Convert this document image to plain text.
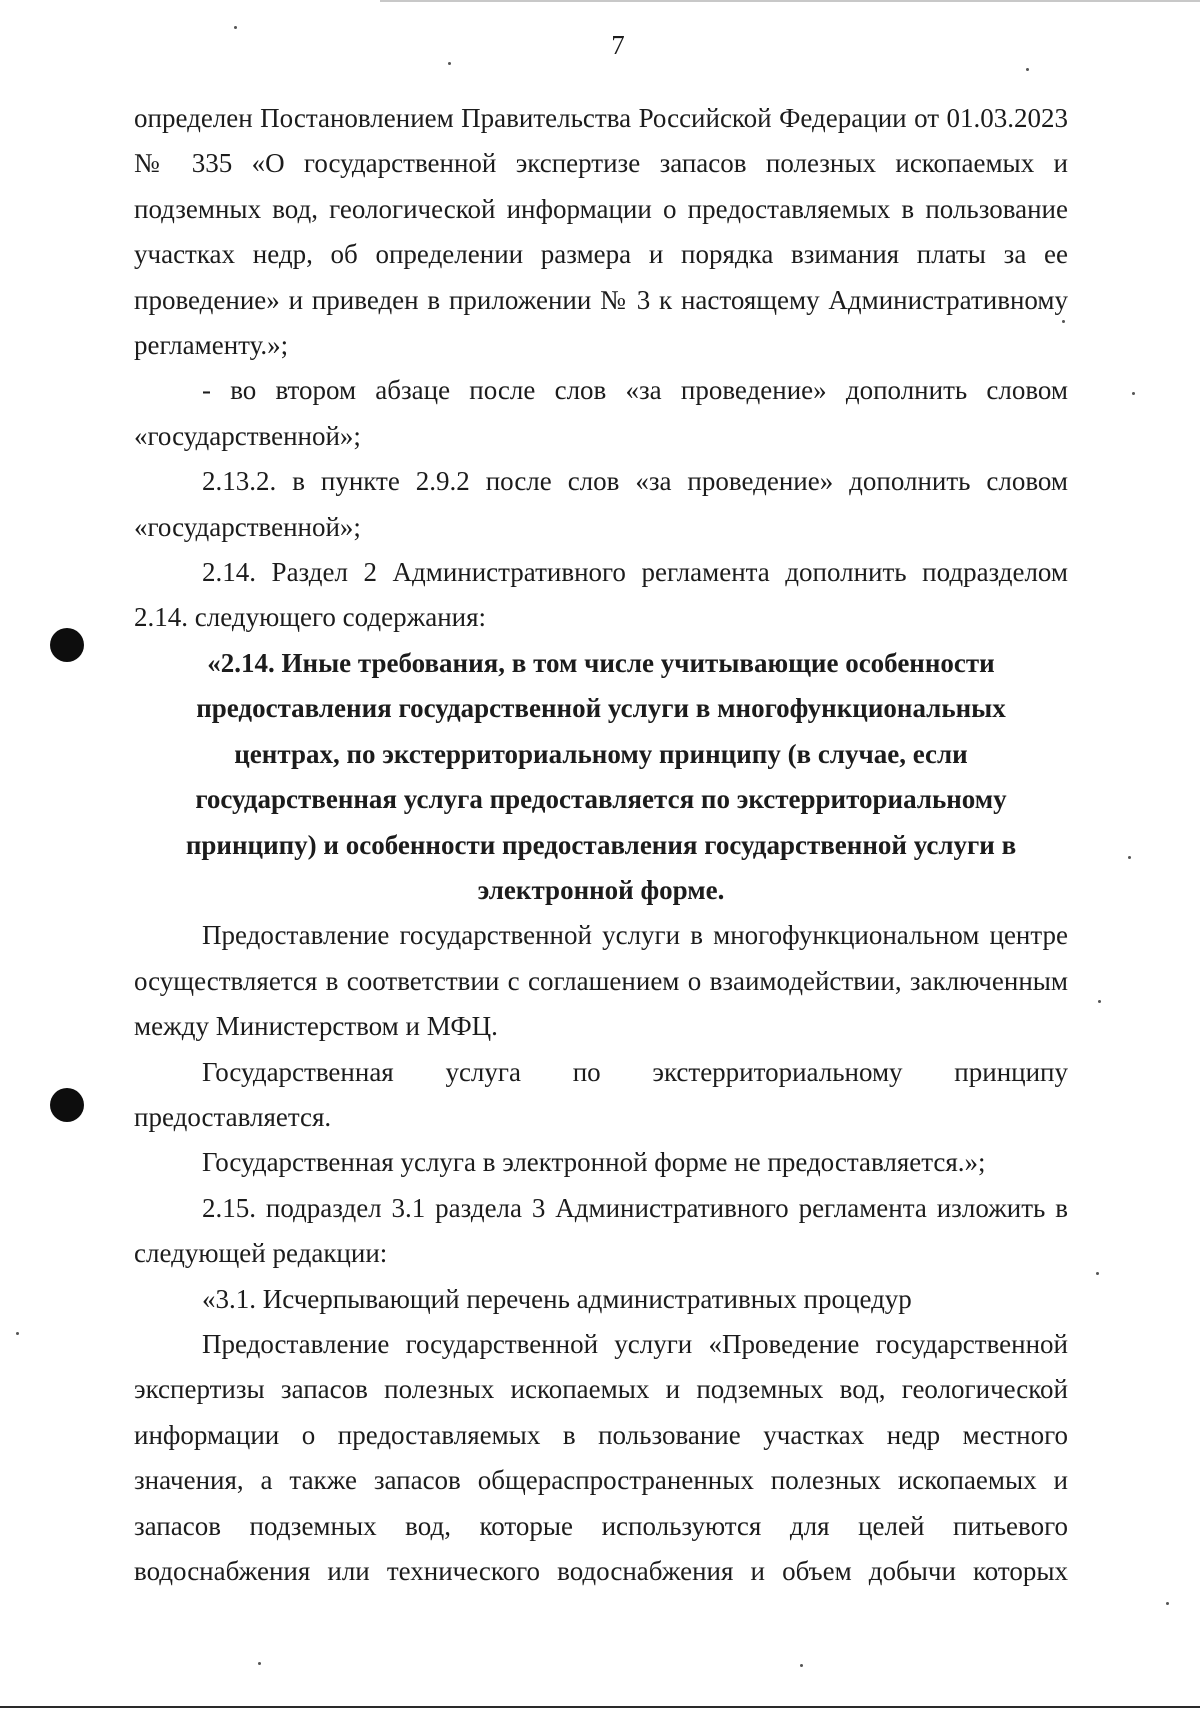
7

определен Постановлением Правительства Российской Федерации от 01.03.2023 № 335 «О государственной экспертизе запасов полезных ископаемых и подземных вод, геологической информации о предоставляемых в пользование участках недр, об определении размера и порядка взимания платы за ее проведение» и приведен в приложении № 3 к настоящему Административному регламенту.»;

- во втором абзаце после слов «за проведение» дополнить словом «государственной»;

2.13.2. в пункте 2.9.2 после слов «за проведение» дополнить словом «государственной»;

2.14. Раздел 2 Административного регламента дополнить подразделом 2.14. следующего содержания:

«2.14. Иные требования, в том числе учитывающие особенности предоставления государственной услуги в многофункциональных центрах, по экстерриториальному принципу (в случае, если государственная услуга предоставляется по экстерриториальному принципу) и особенности предоставления государственной услуги в электронной форме.

Предоставление государственной услуги в многофункциональном центре осуществляется в соответствии с соглашением о взаимодействии, заключенным между Министерством и МФЦ.

Государственная услуга по экстерриториальному принципу предоставляется.

Государственная услуга в электронной форме не предоставляется.»;

2.15. подраздел 3.1 раздела 3 Административного регламента изложить в следующей редакции:

«3.1. Исчерпывающий перечень административных процедур

Предоставление государственной услуги «Проведение государственной экспертизы запасов полезных ископаемых и подземных вод, геологической информации о предоставляемых в пользование участках недр местного значения, а также запасов общераспространенных полезных ископаемых и запасов подземных вод, которые используются для целей питьевого водоснабжения или технического водоснабжения и объем добычи которых
